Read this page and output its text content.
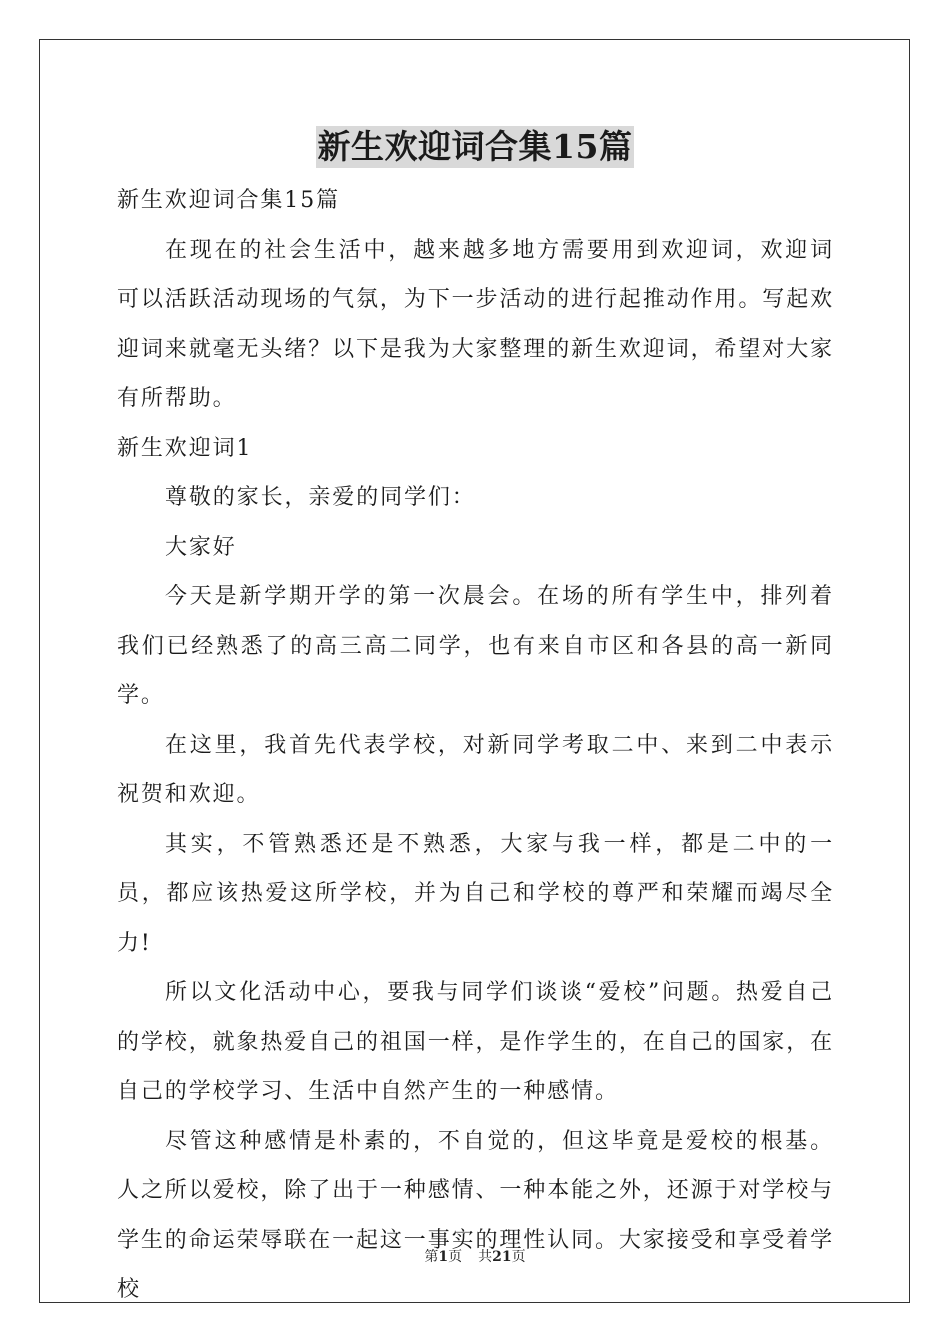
新生欢迎词合集15篇

新生欢迎词合集15篇

在现在的社会生活中，越来越多地方需要用到欢迎词，欢迎词可以活跃活动现场的气氛，为下一步活动的进行起推动作用。写起欢迎词来就毫无头绪？以下是我为大家整理的新生欢迎词，希望对大家有所帮助。

新生欢迎词1

尊敬的家长，亲爱的同学们：

大家好

今天是新学期开学的第一次晨会。在场的所有学生中，排列着我们已经熟悉了的高三高二同学，也有来自市区和各县的高一新同学。

在这里，我首先代表学校，对新同学考取二中、来到二中表示祝贺和欢迎。

其实，不管熟悉还是不熟悉，大家与我一样，都是二中的一员，都应该热爱这所学校，并为自己和学校的尊严和荣耀而竭尽全力!

所以文化活动中心，要我与同学们谈谈“爱校”问题。热爱自己的学校，就象热爱自己的祖国一样，是作学生的，在自己的国家，在自己的学校学习、生活中自然产生的一种感情。

尽管这种感情是朴素的，不自觉的，但这毕竟是爱校的根基。人之所以爱校，除了出于一种感情、一种本能之外，还源于对学校与学生的命运荣辱联在一起这一事实的理性认同。大家接受和享受着学校

第1页 共21页
